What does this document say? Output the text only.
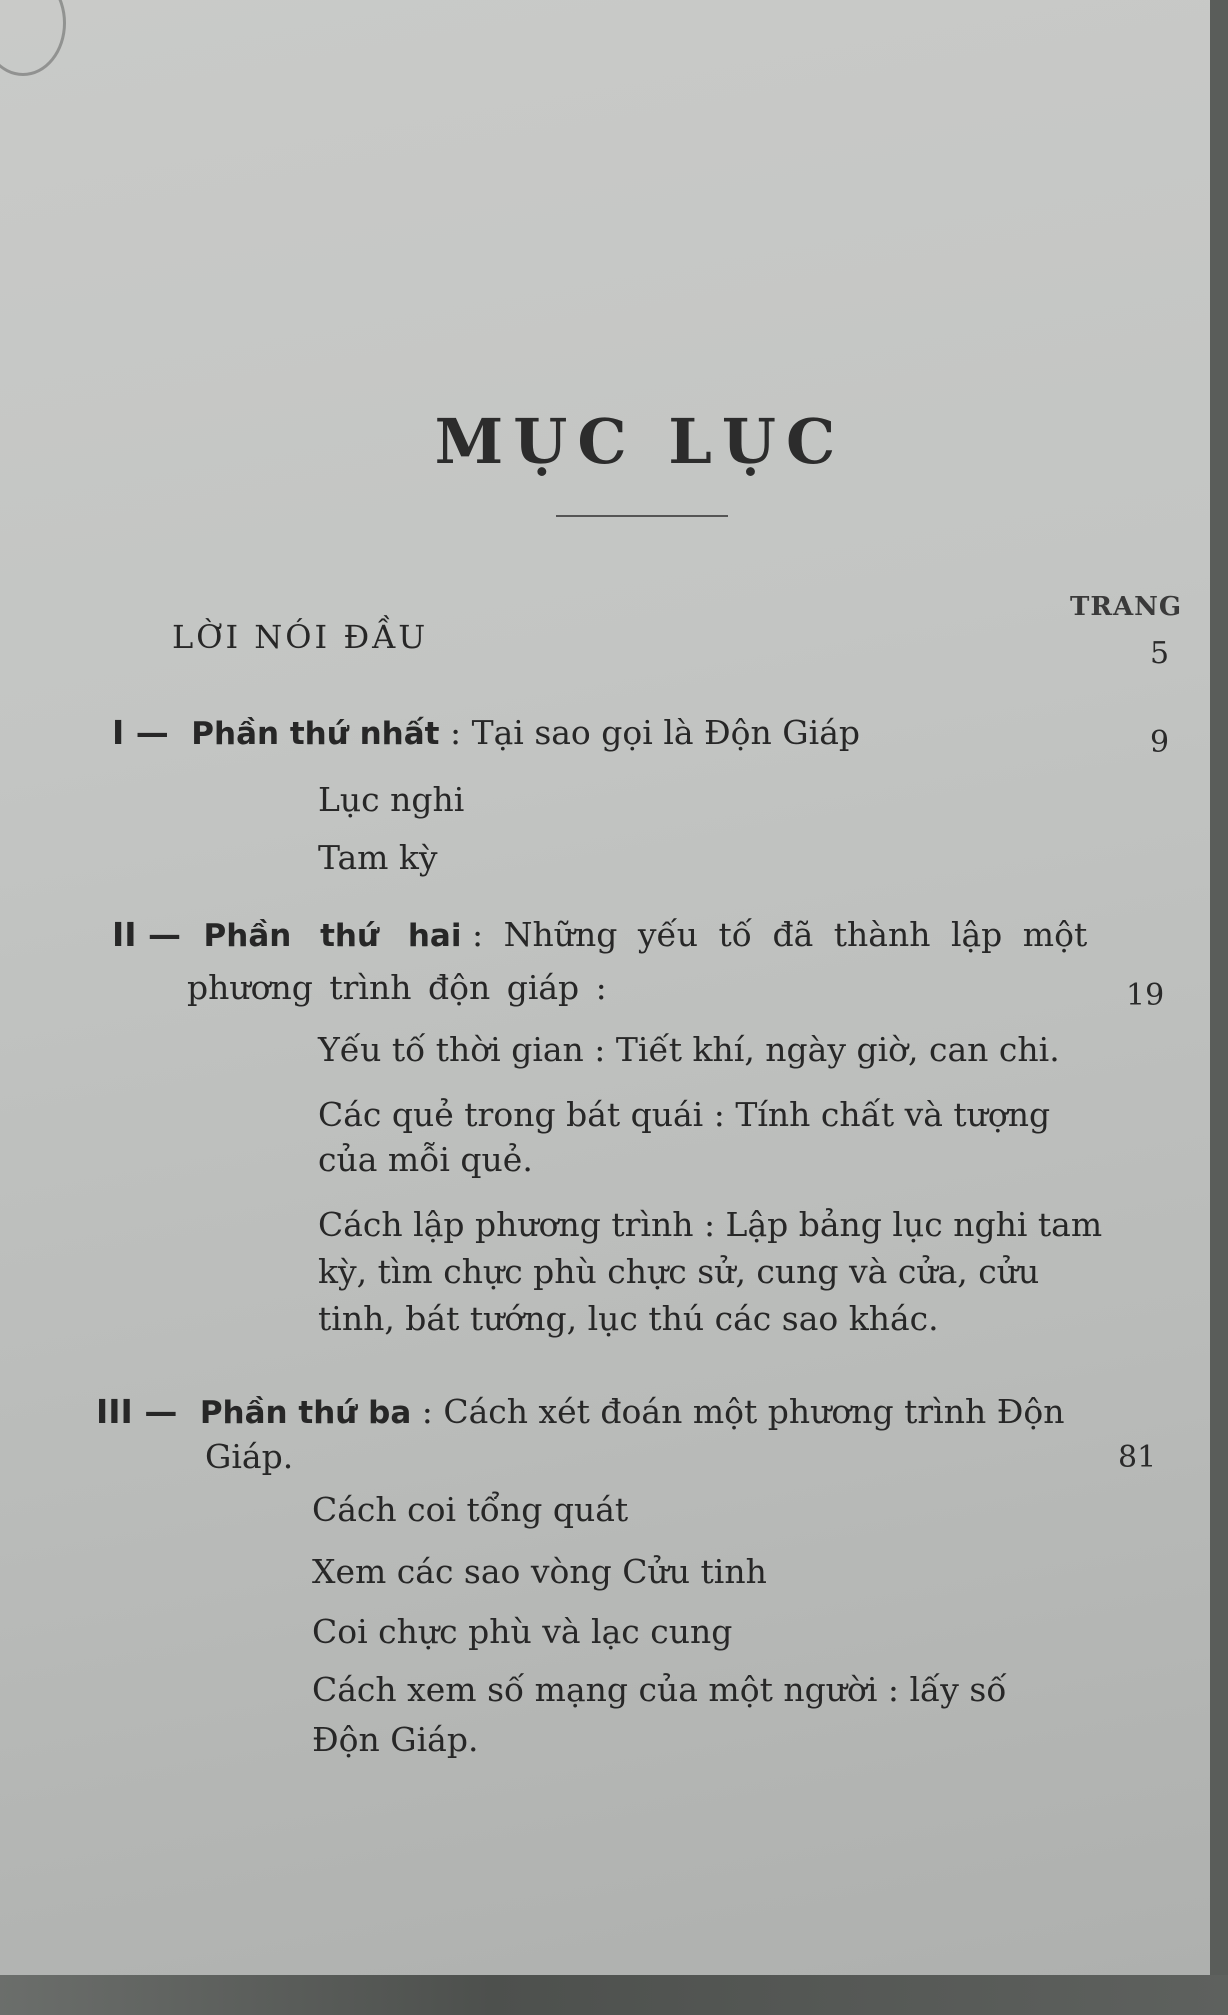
MỤC LỤC
TRANG
LỜI NÓI ĐẦU	5
I — Phần thứ nhất : Tại sao gọi là Độn Giáp	9
Lục nghi
Tam kỳ
II — Phần thứ hai : Những yếu tố đã thành lập một
phương trình độn giáp :	19
Yếu tố thời gian : Tiết khí, ngày giờ, can chi.
Các quẻ trong bát quái : Tính chất và tượng
của mỗi quẻ.
Cách lập phương trình : Lập bảng lục nghi tam
kỳ, tìm chực phù chực sử, cung và cửa, cửu
tinh, bát tướng, lục thú các sao khác.
III — Phần thứ ba : Cách xét đoán một phương trình Độn
Giáp.	81
Cách coi tổng quát
Xem các sao vòng Cửu tinh
Coi chực phù và lạc cung
Cách xem số mạng của một người : lấy số
Độn Giáp.
